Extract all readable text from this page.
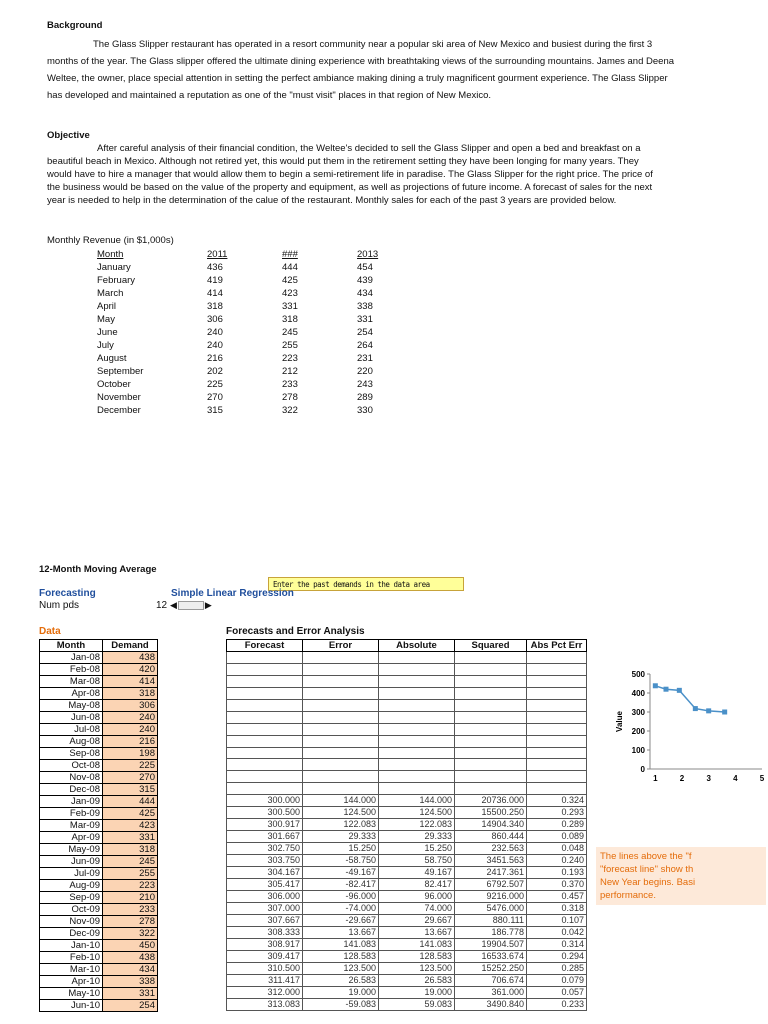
Background
The Glass Slipper restaurant has operated in a resort community near a popular ski area of New Mexico and busiest during the first 3 months of the year. The Glass slipper offered the ultimate dining experience with breathtaking views of the surrounding mountains. James and Deena Weltee, the owner, place special attention in setting the perfect ambiance making dining a truly magnificent gourment experience. The Glass Slipper has developed and maintained a reputation as one of the "must visit" places in that region of New Mexico.
Objective
After careful analysis of their financial condition, the Weltee's decided to sell the Glass Slipper and open a bed and breakfast on a beautiful beach in Mexico. Although not retired yet, this would put them in the retirement setting they have been longing for many years. They would have to hire a manager that would allow them to begin a semi-retirement life in paradise. The Glass Slipper for the right price. The price of the business would be based on the value of the property and equipment, as well as projections of future income. A forecast of sales for the next year is needed to help in the determination of the calue of the restaurant. Monthly sales for each of the past 3 years are provided below.
Monthly Revenue (in $1,000s)
Month	2011	###	2013
January	436	444	454
February	419	425	439
March	414	423	434
April	318	331	338
May	306	318	331
June	240	245	254
July	240	255	264
August	216	223	231
September	202	212	220
October	225	233	243
November	270	278	289
December	315	322	330
12-Month Moving Average
Enter the past demands in the data area
Forecasting	Simple Linear Regression
Num pds	12 ◀	▶
Data	Forecasts and Error Analysis
Month	Demand
Jan-08	438
Feb-08	420
Mar-08	414
Apr-08	318
May-08	306
Jun-08	240
Jul-08	240
Aug-08	216
Sep-08	198
Oct-08	225
Nov-08	270
Dec-08	315
Jan-09	444
Feb-09	425
Mar-09	423
Apr-09	331
May-09	318
Jun-09	245
Jul-09	255
Aug-09	223
Sep-09	210
Oct-09	233
Nov-09	278
Dec-09	322
Jan-10	450
Feb-10	438
Mar-10	434
Apr-10	338
May-10	331
Jun-10	254
Forecast	Error	Absolute	Squared	Abs Pct Err

300.000	144.000	144.000	20736.000	0.324
300.500	124.500	124.500	15500.250	0.293
300.917	122.083	122.083	14904.340	0.289
301.667	29.333	29.333	860.444	0.089
302.750	15.250	15.250	232.563	0.048
303.750	-58.750	58.750	3451.563	0.240
304.167	-49.167	49.167	2417.361	0.193
305.417	-82.417	82.417	6792.507	0.370
306.000	-96.000	96.000	9216.000	0.457
307.000	-74.000	74.000	5476.000	0.318
307.667	-29.667	29.667	880.111	0.107
308.333	13.667	13.667	186.778	0.042
308.917	141.083	141.083	19904.507	0.314
309.417	128.583	128.583	16533.674	0.294
310.500	123.500	123.500	15252.250	0.285
311.417	26.583	26.583	706.674	0.079
312.000	19.000	19.000	361.000	0.057
313.083	-59.083	59.083	3490.840	0.233
0
100
200
300
400
500
1	2	3	4	5
Value
The lines above the "f
"forecast line" show th
New Year begins. Basi
performance.
